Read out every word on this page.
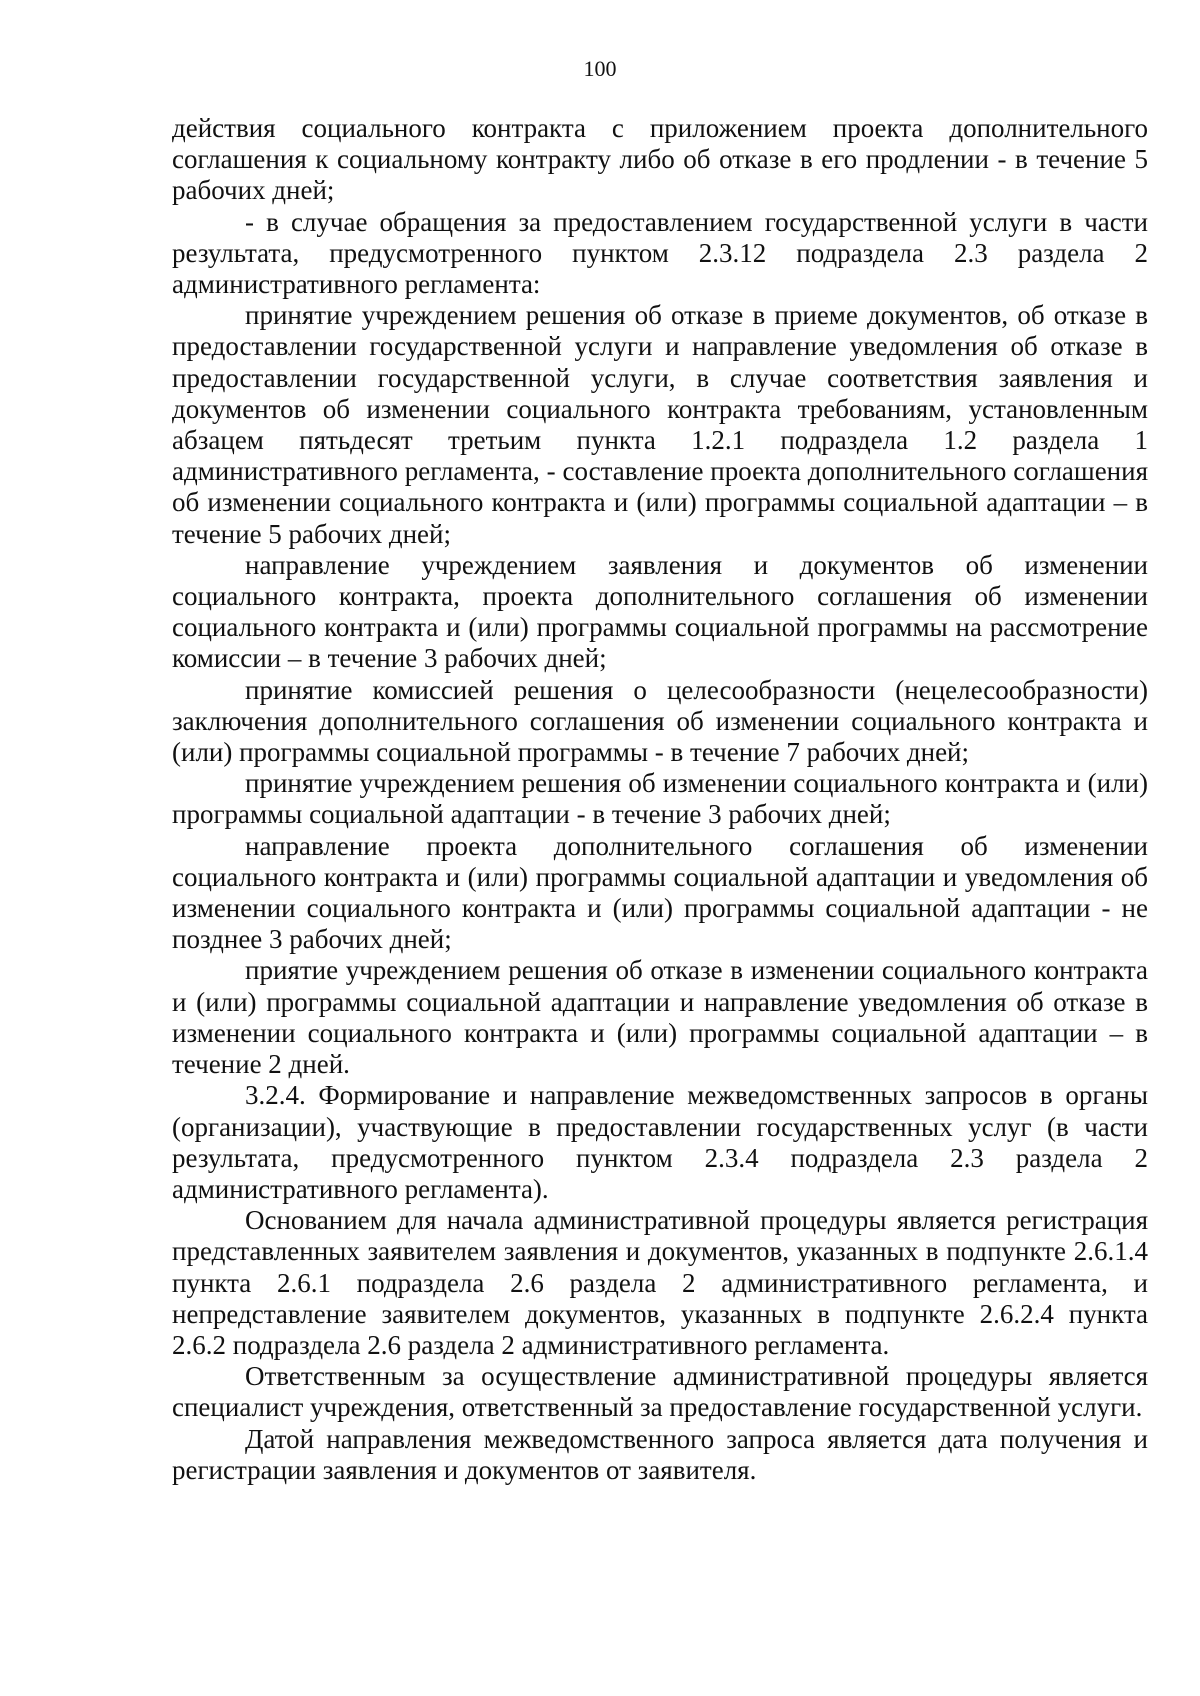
100

действия социального контракта с приложением проекта дополнительного соглашения к социальному контракту либо об отказе в его продлении - в течение 5 рабочих дней;

- в случае обращения за предоставлением государственной услуги в части результата, предусмотренного пунктом 2.3.12 подраздела 2.3 раздела 2 административного регламента:

принятие учреждением решения об отказе в приеме документов, об отказе в предоставлении государственной услуги и направление уведомления об отказе в предоставлении государственной услуги, в случае соответствия заявления и документов об изменении социального контракта требованиям, установленным абзацем пятьдесят третьим пункта 1.2.1 подраздела 1.2 раздела 1 административного регламента, - составление проекта дополнительного соглашения об изменении социального контракта и (или) программы социальной адаптации – в течение 5 рабочих дней;

направление учреждением заявления и документов об изменении социального контракта, проекта дополнительного соглашения об изменении социального контракта и (или) программы социальной программы на рассмотрение комиссии – в течение 3 рабочих дней;

принятие комиссией решения о целесообразности (нецелесообразности) заключения дополнительного соглашения об изменении социального контракта и (или) программы социальной программы - в течение 7 рабочих дней;

принятие учреждением решения об изменении социального контракта и (или) программы социальной адаптации - в течение 3 рабочих дней;

направление проекта дополнительного соглашения об изменении социального контракта и (или) программы социальной адаптации и уведомления об изменении социального контракта и (или) программы социальной адаптации - не позднее 3 рабочих дней;

приятие учреждением решения об отказе в изменении социального контракта и (или) программы социальной адаптации и направление уведомления об отказе в изменении социального контракта и (или) программы социальной адаптации – в течение 2 дней.

3.2.4. Формирование и направление межведомственных запросов в органы (организации), участвующие в предоставлении государственных услуг (в части результата, предусмотренного пунктом 2.3.4 подраздела 2.3 раздела 2 административного регламента).

Основанием для начала административной процедуры является регистрация представленных заявителем заявления и документов, указанных в подпункте 2.6.1.4 пункта 2.6.1 подраздела 2.6 раздела 2 административного регламента, и непредставление заявителем документов, указанных в подпункте 2.6.2.4 пункта 2.6.2 подраздела 2.6 раздела 2 административного регламента.

Ответственным за осуществление административной процедуры является специалист учреждения, ответственный за предоставление государственной услуги.

Датой направления межведомственного запроса является дата получения и регистрации заявления и документов от заявителя.
